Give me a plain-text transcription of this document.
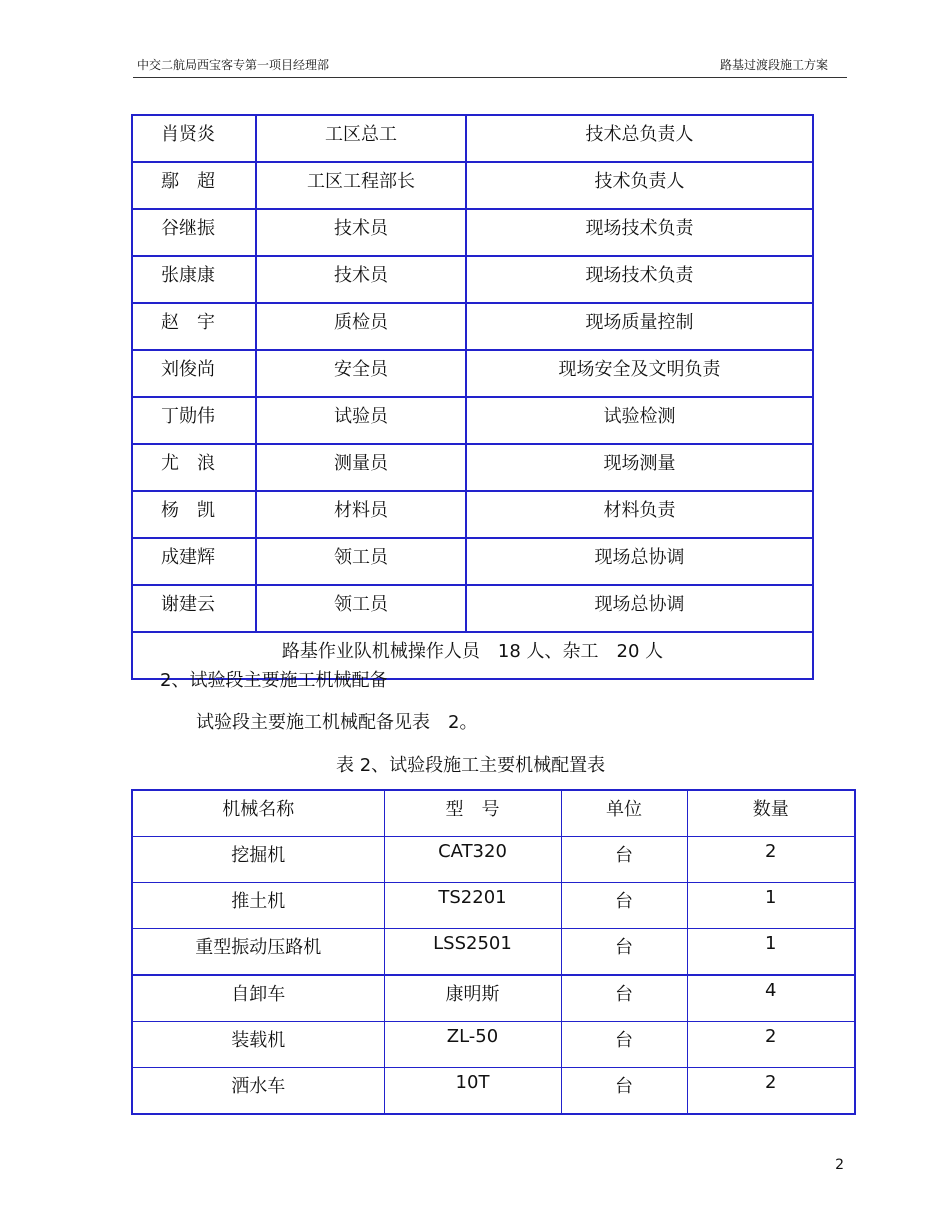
中交二航局西宝客专第一项目经理部	路基过渡段施工方案
肖贤炎	工区总工	技术总负责人
鄢　超	工区工程部长	技术负责人
谷继振	技术员	现场技术负责
张康康	技术员	现场技术负责
赵　宇	质检员	现场质量控制
刘俊尚	安全员	现场安全及文明负责
丁勋伟	试验员	试验检测
尤　浪	测量员	现场测量
杨　凯	材料员	材料负责
成建辉	领工员	现场总协调
谢建云	领工员	现场总协调
路基作业队机械操作人员　18 人、杂工　20 人		
2、试验段主要施工机械配备
试验段主要施工机械配备见表　2。
表 2、试验段施工主要机械配置表
机械名称	型　号	单位	数量
挖掘机	CAT320	台	2
推土机	TS2201	台	1
重型振动压路机	LSS2501	台	1
自卸车	康明斯	台	4
装载机	ZL-50	台	2
洒水车	10T	台	2
2
